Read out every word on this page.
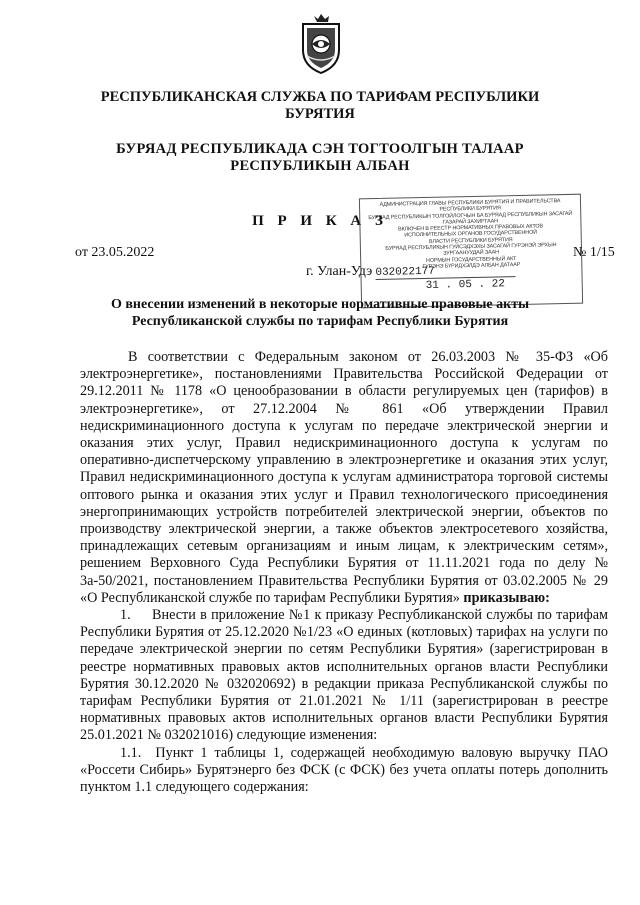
РЕСПУБЛИКАНСКАЯ СЛУЖБА ПО ТАРИФАМ РЕСПУБЛИКИ
БУРЯТИЯ
БУРЯАД РЕСПУБЛИКАДА СЭН ТОГТООЛГЫН ТАЛААР
РЕСПУБЛИКЫН АЛБАН
П Р И К А З
АДМИНИСТРАЦИЯ ГЛАВЫ РЕСПУБЛИКИ БУРЯТИЯ И ПРАВИТЕЛЬСТВА РЕСПУБЛИКИ БУРЯТИЯ
БУРЯАД РЕСПУБЛИКЫН ТОЛГОЙЛОГЧЫН БА БУРЯАД РЕСПУБЛИКЫН ЗАСАГАЙ ГАЗАРАЙ ЗАХИРГААН
ВКЛЮЧЕН В РЕЕСТР НОРМАТИВНЫХ ПРАВОВЫХ АКТОВ
ИСПОЛНИТЕЛЬНЫХ ОРГАНОВ ГОСУДАРСТВЕННОЙ
ВЛАСТИ РЕСПУБЛИКИ БУРЯТИЯ
БУРЯАД РЕСПУБЛИКЫН ГУЙСЭДХЭХЫ ЗАСАГАЙ ГУРЭНЭЙ ЭРХЫН ЗУРГААНУУДАЙ ЗААН
НОРМЫН ГОСУДАРСТВЕННЫЙ АКТ
ГУРЭНЭ БҮРИДХЭЛДЭ АЛБАН ДАТААР
032022177
31 . 05 . 22
от 23.05.2022	№ 1/15
г. Улан-Удэ
О внесении изменений в некоторые нормативные правовые акты
Республиканской службы по тарифам Республики Бурятия

В соответствии с Федеральным законом от 26.03.2003 № 35-ФЗ «Об электроэнергетике», постановлениями Правительства Российской Федерации от 29.12.2011 № 1178 «О ценообразовании в области регулируемых цен (тарифов) в электроэнергетике», от 27.12.2004 № 861 «Об утверждении Правил недискриминационного доступа к услугам по передаче электрической энергии и оказания этих услуг, Правил недискриминационного доступа к услугам по оперативно-диспетчерскому управлению в электроэнергетике и оказания этих услуг, Правил недискриминационного доступа к услугам администратора торговой системы оптового рынка и оказания этих услуг и Правил технологического присоединения энергопринимающих устройств потребителей электрической энергии, объектов по производству электрической энергии, а также объектов электросетевого хозяйства, принадлежащих сетевым организациям и иным лицам, к электрическим сетям», решением Верховного Суда Республики Бурятия от 11.11.2021 года по делу № 3а-50/2021, постановлением Правительства Республики Бурятия от 03.02.2005 № 29 «О Республиканской службе по тарифам Республики Бурятия» приказываю:

1.     Внести в приложение №1 к приказу Республиканской службы по тарифам Республики Бурятия от 25.12.2020 №1/23 «О единых (котловых) тарифах на услуги по передаче электрической энергии по сетям Республики Бурятия» (зарегистрирован в реестре нормативных правовых актов исполнительных органов власти Республики Бурятия 30.12.2020 № 032020692) в редакции приказа Республиканской службы по тарифам Республики Бурятия от 21.01.2021 № 1/11 (зарегистрирован в реестре нормативных правовых актов исполнительных органов власти Республики Бурятия 25.01.2021 № 032021016) следующие изменения:

1.1.  Пункт 1 таблицы 1, содержащей необходимую валовую выручку ПАО «Россети Сибирь» Бурятэнерго без ФСК (с ФСК) без учета оплаты потерь дополнить пунктом 1.1 следующего содержания:
